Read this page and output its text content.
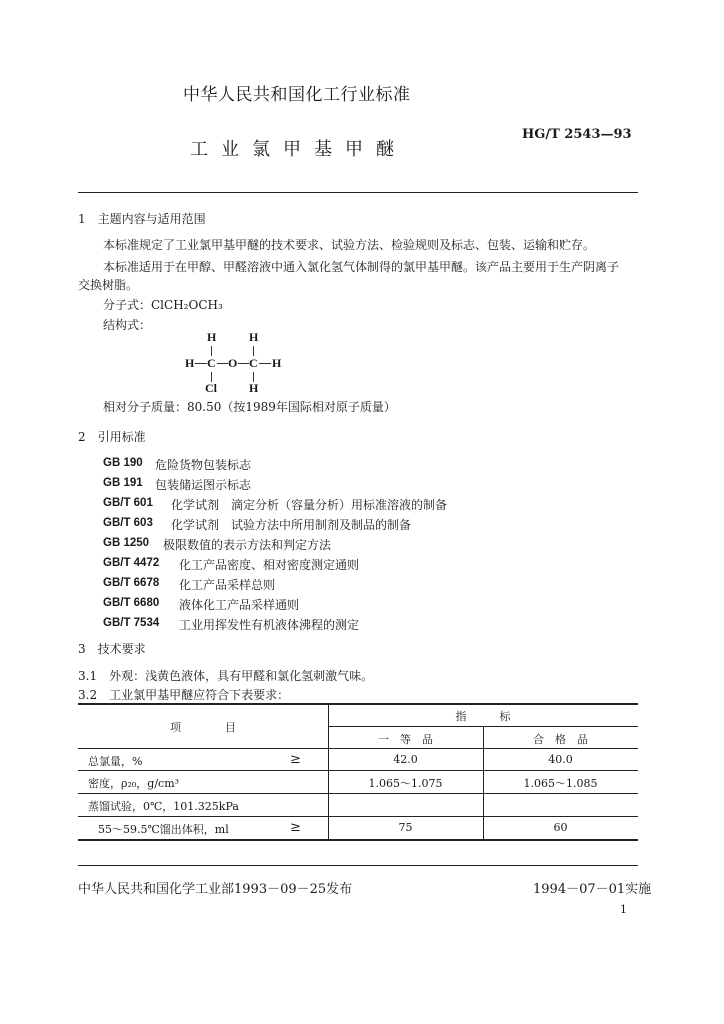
中华人民共和国化工行业标准
HG/T 2543—93
工业氯甲基甲醚
1　主题内容与适用范围
本标准规定了工业氯甲基甲醚的技术要求、试验方法、检验规则及标志、包装、运输和贮存。
本标准适用于在甲醇、甲醛溶液中通入氯化氢气体制得的氯甲基甲醚。该产品主要用于生产阴离子
交换树脂。
分子式：ClCH₂OCH₃
结构式：
H	H
H C O C H
Cl	H
相对分子质量：80.50（按1989年国际相对原子质量）
2　引用标准
GB 190 危险货物包装标志
GB 191 包装储运图示标志
GB/T 601 化学试剂　滴定分析（容量分析）用标准溶液的制备
GB/T 603 化学试剂　试验方法中所用制剂及制品的制备
GB 1250 极限数值的表示方法和判定方法
GB/T 4472 化工产品密度、相对密度测定通则
GB/T 6678 化工产品采样总则
GB/T 6680 液体化工产品采样通则
GB/T 7534 工业用挥发性有机液体沸程的测定
3　技术要求
3.1　外观：浅黄色液体，具有甲醛和氯化氢刺激气味。
3.2　工业氯甲基甲醚应符合下表要求：
项　　　　目
指　　　标
一　等　品	合　格　品
总氯量，%	≥	42.0	40.0
密度，ρ₂₀，g/cm³	1.065～1.075	1.065～1.085
蒸馏试验，0℃，101.325kPa
55～59.5℃馏出体积，ml	≥	75	60
中华人民共和国化学工业部1993－09－25发布	1994－07－01实施
1
